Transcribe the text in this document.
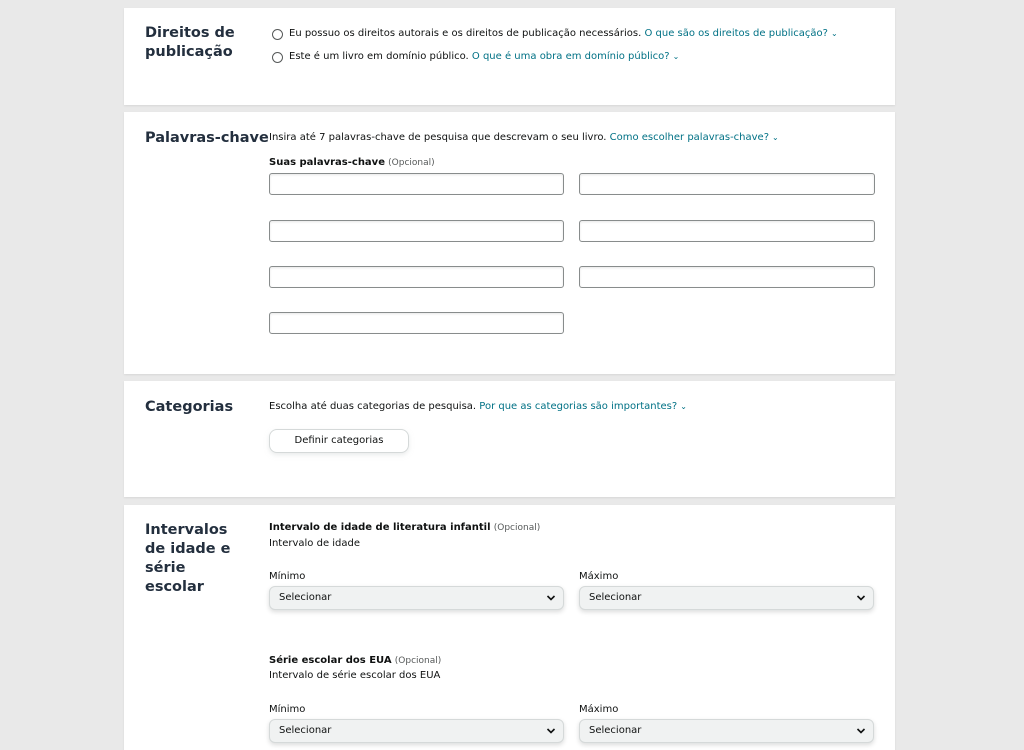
Direitos de publicação
Eu possuo os direitos autorais e os direitos de publicação necessários. O que são os direitos de publicação? ⌄
Este é um livro em domínio público. O que é uma obra em domínio público? ⌄
Palavras-chave Insira até 7 palavras-chave de pesquisa que descrevam o seu livro. Como escolher palavras-chave? ⌄
Suas palavras-chave (Opcional)
Categorias	Escolha até duas categorias de pesquisa. Por que as categorias são importantes? ⌄
Definir categorias
Intervalos de idade e série escolar
Intervalo de idade de literatura infantil (Opcional)
Intervalo de idade
Mínimo	Máximo
Selecionar	Selecionar
Série escolar dos EUA (Opcional)
Intervalo de série escolar dos EUA
Mínimo	Máximo
Selecionar	Selecionar
